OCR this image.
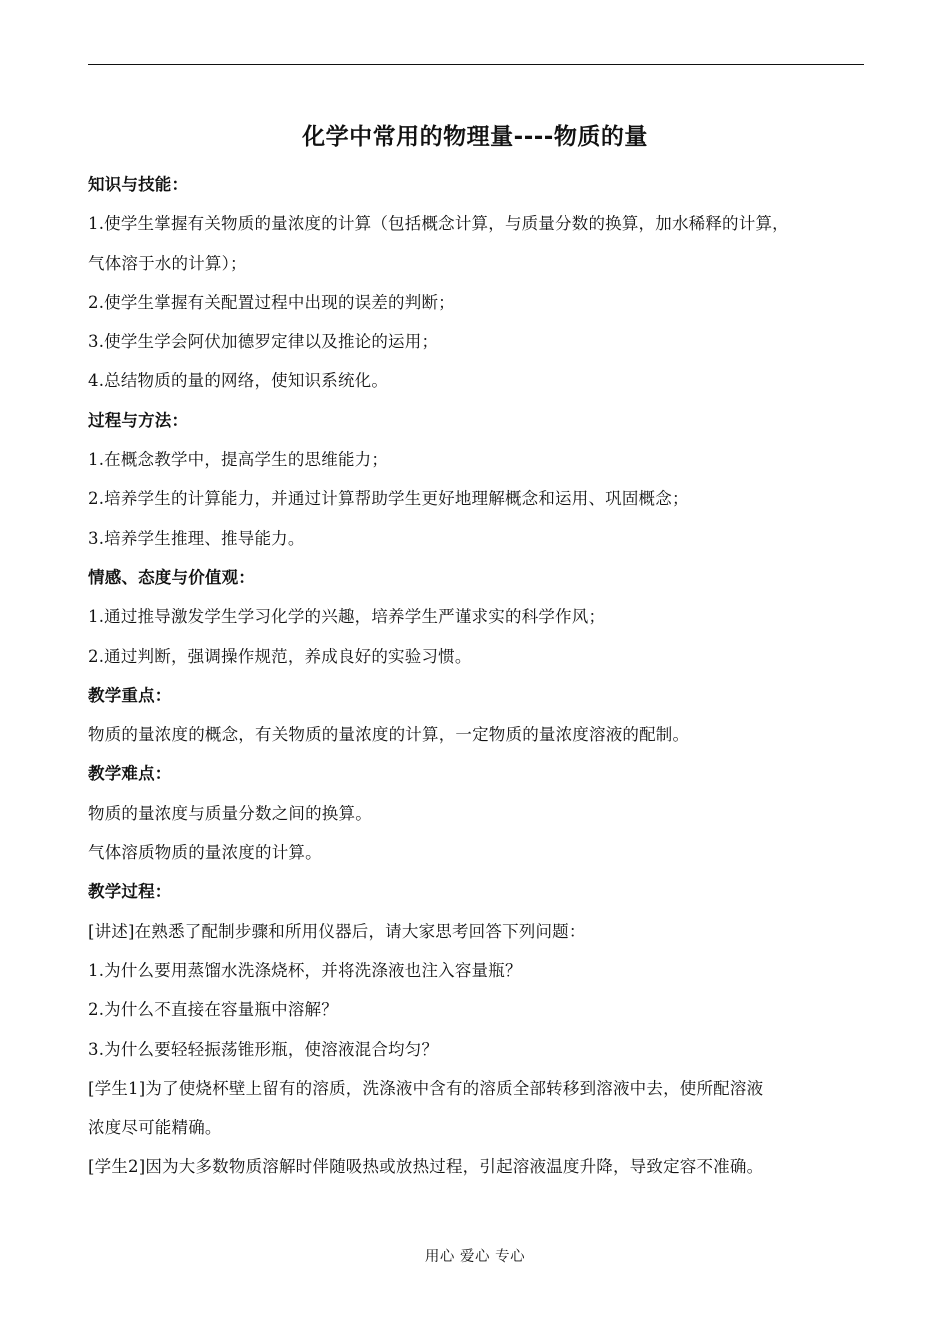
化学中常用的物理量----物质的量
知识与技能：
1.使学生掌握有关物质的量浓度的计算（包括概念计算，与质量分数的换算，加水稀释的计算，
气体溶于水的计算）；
2.使学生掌握有关配置过程中出现的误差的判断；
3.使学生学会阿伏加德罗定律以及推论的运用；
4.总结物质的量的网络，使知识系统化。
过程与方法：
1.在概念教学中，提高学生的思维能力；
2.培养学生的计算能力，并通过计算帮助学生更好地理解概念和运用、巩固概念；
3.培养学生推理、推导能力。
情感、态度与价值观：
1.通过推导激发学生学习化学的兴趣，培养学生严谨求实的科学作风；
2.通过判断，强调操作规范，养成良好的实验习惯。
教学重点：
物质的量浓度的概念，有关物质的量浓度的计算，一定物质的量浓度溶液的配制。
教学难点：
物质的量浓度与质量分数之间的换算。
气体溶质物质的量浓度的计算。
教学过程：
[讲述]在熟悉了配制步骤和所用仪器后，请大家思考回答下列问题：
1.为什么要用蒸馏水洗涤烧杯，并将洗涤液也注入容量瓶？
2.为什么不直接在容量瓶中溶解？
3.为什么要轻轻振荡锥形瓶，使溶液混合均匀？
[学生1]为了使烧杯壁上留有的溶质，洗涤液中含有的溶质全部转移到溶液中去，使所配溶液
浓度尽可能精确。
[学生2]因为大多数物质溶解时伴随吸热或放热过程，引起溶液温度升降，导致定容不准确。
用心 爱心 专心
